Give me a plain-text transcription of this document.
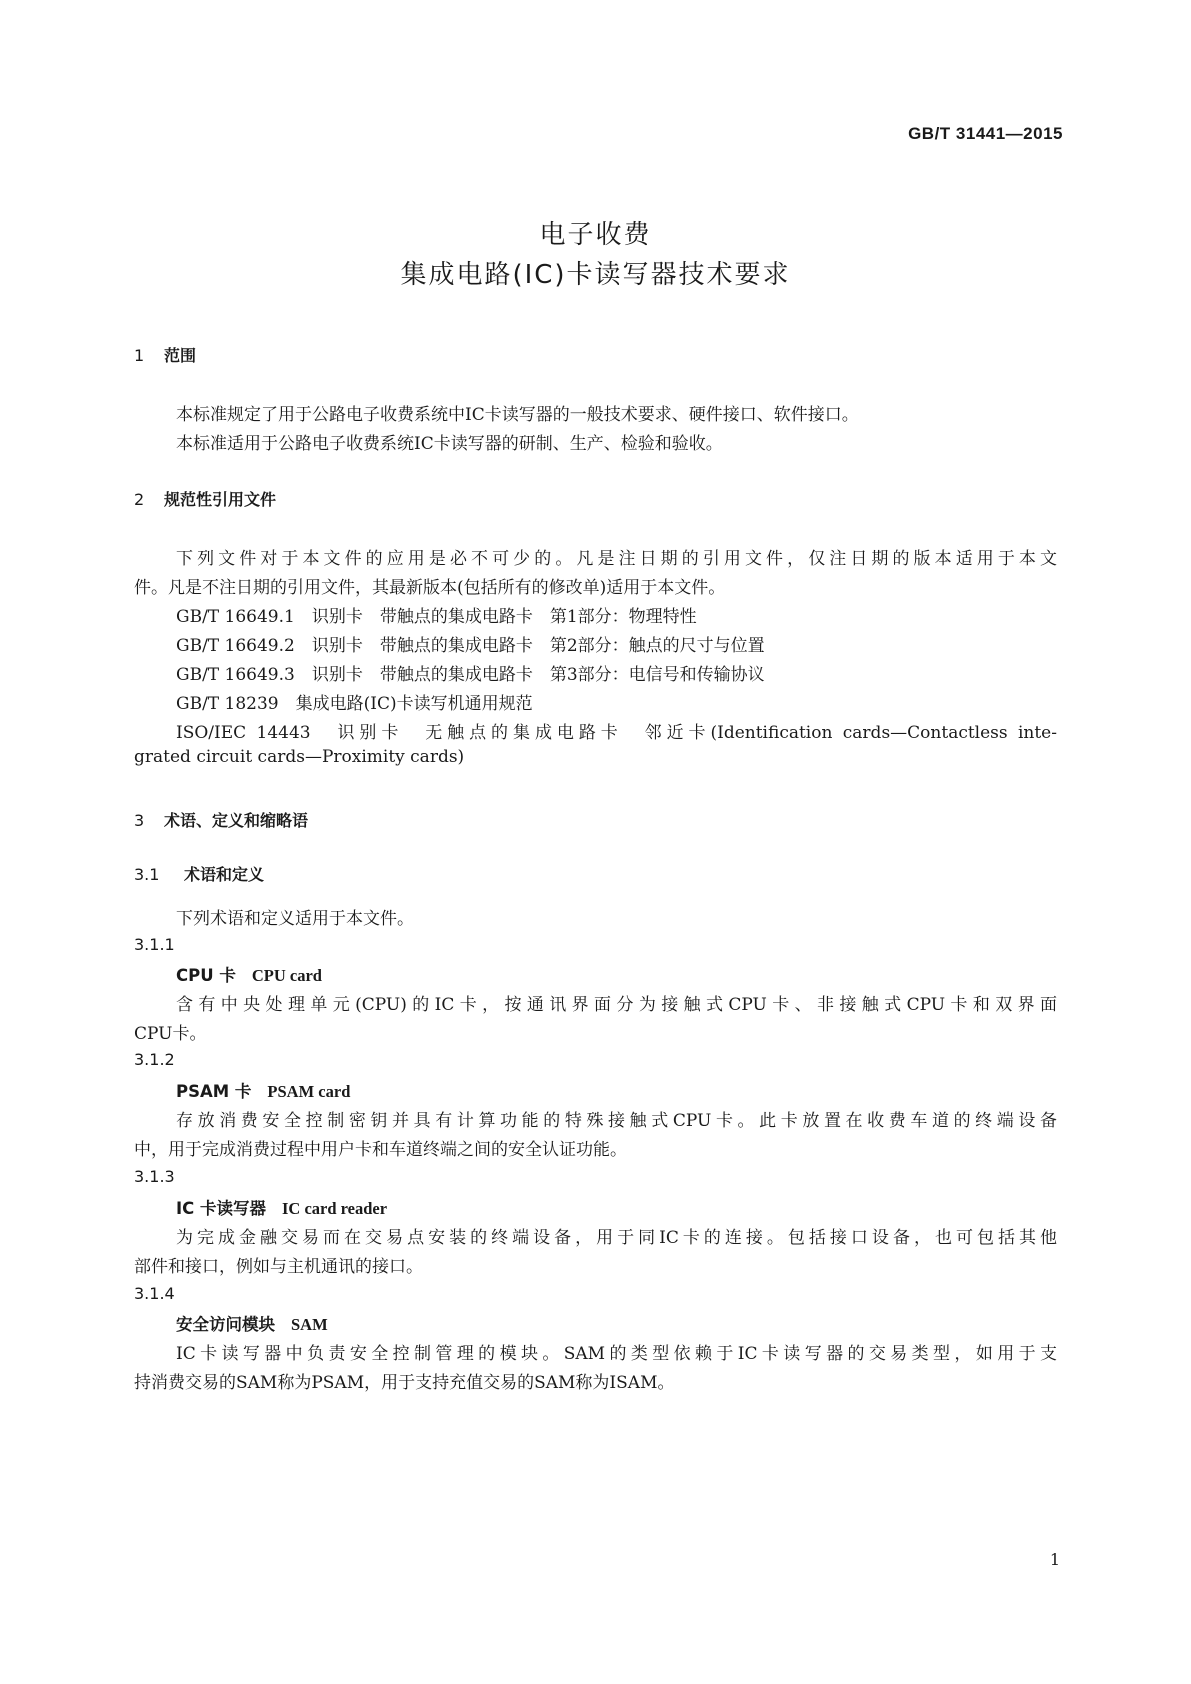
GB/T 31441—2015
电子收费
集成电路(IC)卡读写器技术要求
1 范围
本标准规定了用于公路电子收费系统中IC卡读写器的一般技术要求、硬件接口、软件接口。
本标准适用于公路电子收费系统IC卡读写器的研制、生产、检验和验收。
2 规范性引用文件
下列文件对于本文件的应用是必不可少的。凡是注日期的引用文件，仅注日期的版本适用于本文
件。凡是不注日期的引用文件，其最新版本(包括所有的修改单)适用于本文件。
GB/T 16649.1　识别卡　带触点的集成电路卡　第1部分：物理特性
GB/T 16649.2　识别卡　带触点的集成电路卡　第2部分：触点的尺寸与位置
GB/T 16649.3　识别卡　带触点的集成电路卡　第3部分：电信号和传输协议
GB/T 18239　集成电路(IC)卡读写机通用规范
ISO/IEC 14443　识别卡　无触点的集成电路卡　邻近卡(Identification cards—Contactless inte-
grated circuit cards—Proximity cards)
3 术语、定义和缩略语
3.1 术语和定义
下列术语和定义适用于本文件。
3.1.1
CPU 卡 CPU card
含有中央处理单元(CPU)的IC卡，按通讯界面分为接触式CPU卡、非接触式CPU卡和双界面
CPU卡。
3.1.2
PSAM 卡 PSAM card
存放消费安全控制密钥并具有计算功能的特殊接触式CPU卡。此卡放置在收费车道的终端设备
中，用于完成消费过程中用户卡和车道终端之间的安全认证功能。
3.1.3
IC 卡读写器 IC card reader
为完成金融交易而在交易点安装的终端设备，用于同IC卡的连接。包括接口设备，也可包括其他
部件和接口，例如与主机通讯的接口。
3.1.4
安全访问模块 SAM
IC卡读写器中负责安全控制管理的模块。SAM的类型依赖于IC卡读写器的交易类型，如用于支
持消费交易的SAM称为PSAM，用于支持充值交易的SAM称为ISAM。
1
